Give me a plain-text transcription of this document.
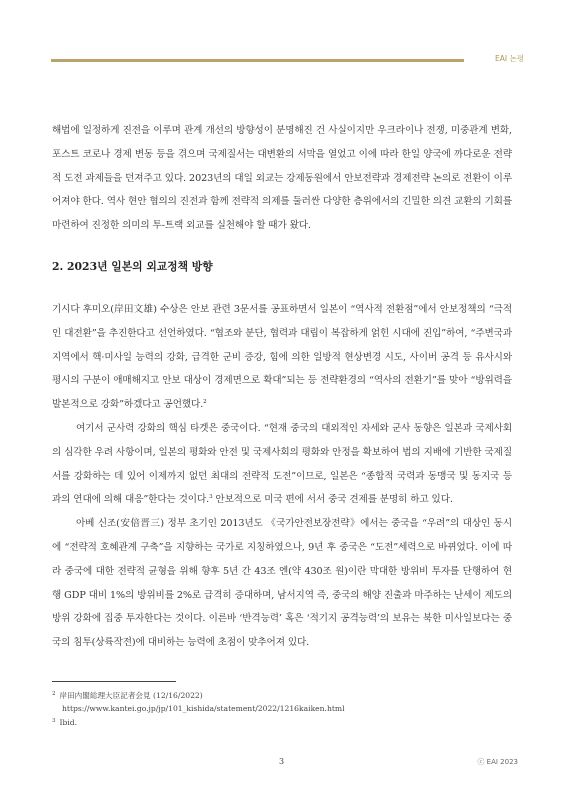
EAI 논평

해법에 일정하게 진전을 이루며 관계 개선의 방향성이 분명해진 건 사실이지만 우크라이나 전쟁, 미중관계 변화, 포스트 코로나 경제 변동 등을 겪으며 국제질서는 대변환의 서막을 열었고 이에 따라 한일 양국에 까다로운 전략적 도전 과제들을 던져주고 있다. 2023년의 대일 외교는 강제동원에서 안보전략과 경제전략 논의로 전환이 이루어져야 한다. 역사 현안 협의의 진전과 함께 전략적 의제를 둘러싼 다양한 층위에서의 긴밀한 의견 교환의 기회를 마련하여 진정한 의미의 투-트랙 외교를 실천해야 할 때가 왔다.

2. 2023년 일본의 외교정책 방향

기시다 후미오(岸田文雄) 수상은 안보 관련 3문서를 공표하면서 일본이 “역사적 전환점”에서 안보정책의 “극적인 대전환”을 추진한다고 선언하였다. “협조와 분단, 협력과 대립이 복잡하게 얽힌 시대에 진입”하여, “주변국과 지역에서 핵·미사일 능력의 강화, 급격한 군비 증강, 힘에 의한 일방적 현상변경 시도, 사이버 공격 등 유사시와 평시의 구분이 애매해지고 안보 대상이 경제면으로 확대”되는 등 전략환경의 “역사의 전환기”를 맞아 “방위력을 발본적으로 강화”하겠다고 공언했다.$^2$

여기서 군사력 강화의 핵심 타겟은 중국이다. “현재 중국의 대외적인 자세와 군사 동향은 일본과 국제사회의 심각한 우려 사항이며, 일본의 평화와 안전 및 국제사회의 평화와 안정을 확보하여 법의 지배에 기반한 국제질서를 강화하는 데 있어 이제까지 없던 최대의 전략적 도전”이므로, 일본은 “종합적 국력과 동맹국 및 동지국 등과의 연대에 의해 대응”한다는 것이다.$^3$ 안보적으로 미국 편에 서서 중국 견제를 분명히 하고 있다.

아베 신조(安倍晋三) 정부 초기인 2013년도 《국가안전보장전략》에서는 중국을 “우려”의 대상인 동시에 “전략적 호혜관계 구축”을 지향하는 국가로 지칭하였으나, 9년 후 중국은 “도전”세력으로 바뀌었다. 이에 따라 중국에 대한 전략적 균형을 위해 향후 5년 간 43조 엔(약 430조 원)이란 막대한 방위비 투자를 단행하여 현행 GDP 대비 1%의 방위비를 2%로 급격히 증대하며, 남서지역 즉, 중국의 해양 진출과 마주하는 난세이 제도의 방위 강화에 집중 투자한다는 것이다. 이른바 ‘반격능력’ 혹은 ‘적기지 공격능력’의 보유는 북한 미사일보다는 중국의 침투(상륙작전)에 대비하는 능력에 초점이 맞추어져 있다.

$^2$ 岸田内閣総理大臣記者会見 (12/16/2022)

https://www.kantei.go.jp/jp/101_kishida/statement/2022/1216kaiken.html

$^3$ Ibid.

3	ⓒ EAI 2023
